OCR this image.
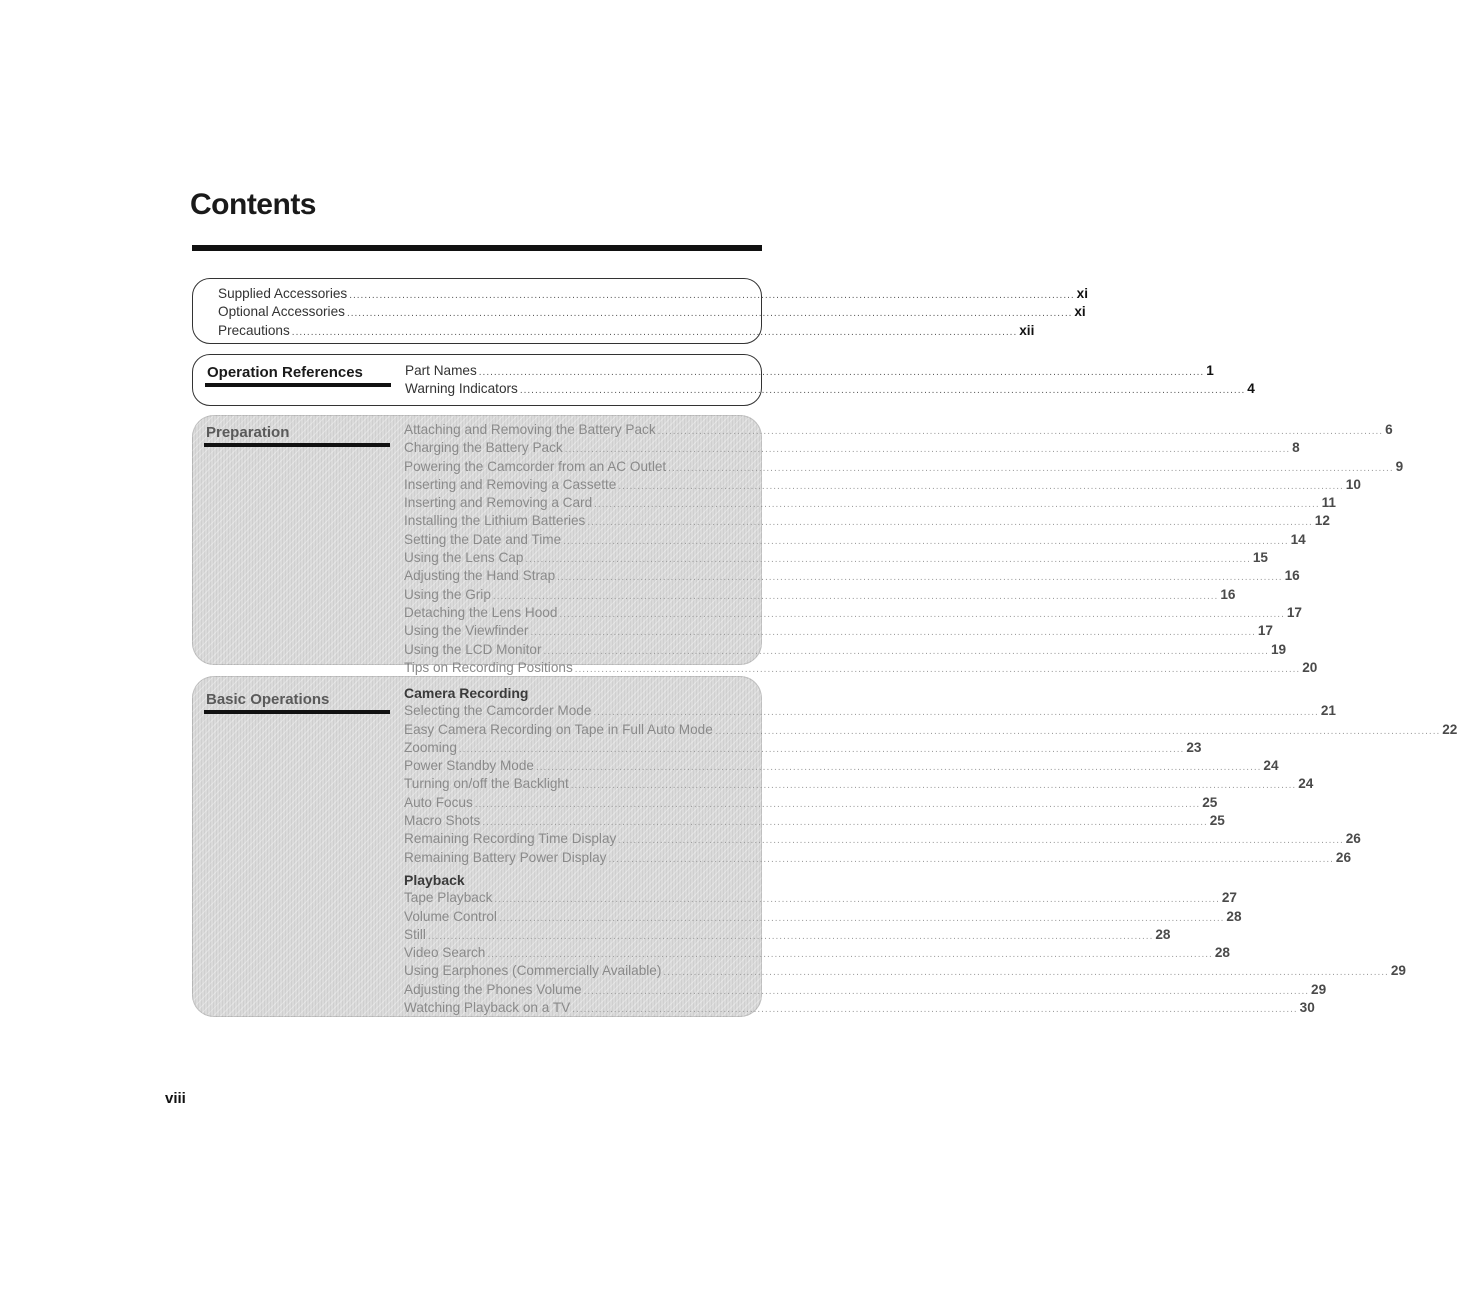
Contents
Supplied Accessories .....	xi
Optional Accessories .....	xi
Precautions .....	xii
Operation References	Part Names .....	1
Warning Indicators .....	4
Preparation	Attaching and Removing the Battery Pack .....	6
Charging the Battery Pack .....	8
Powering the Camcorder from an AC Outlet .....	9
Inserting and Removing a Cassette .....	10
Inserting and Removing a Card .....	11
Installing the Lithium Batteries .....	12
Setting the Date and Time .....	14
Using the Lens Cap .....	15
Adjusting the Hand Strap .....	16
Using the Grip .....	16
Detaching the Lens Hood .....	17
Using the Viewfinder .....	17
Using the LCD Monitor .....	19
Tips on Recording Positions .....	20
Basic Operations	Camera Recording
Selecting the Camcorder Mode .....	21
Easy Camera Recording on Tape in Full Auto Mode .....	22
Zooming .....	23
Power Standby Mode .....	24
Turning on/off the Backlight .....	24
Auto Focus .....	25
Macro Shots .....	25
Remaining Recording Time Display .....	26
Remaining Battery Power Display .....	26
Playback
Tape Playback .....	27
Volume Control .....	28
Still .....	28
Video Search .....	28
Using Earphones (Commercially Available) .....	29
Adjusting the Phones Volume .....	29
Watching Playback on a TV .....	30
viii
